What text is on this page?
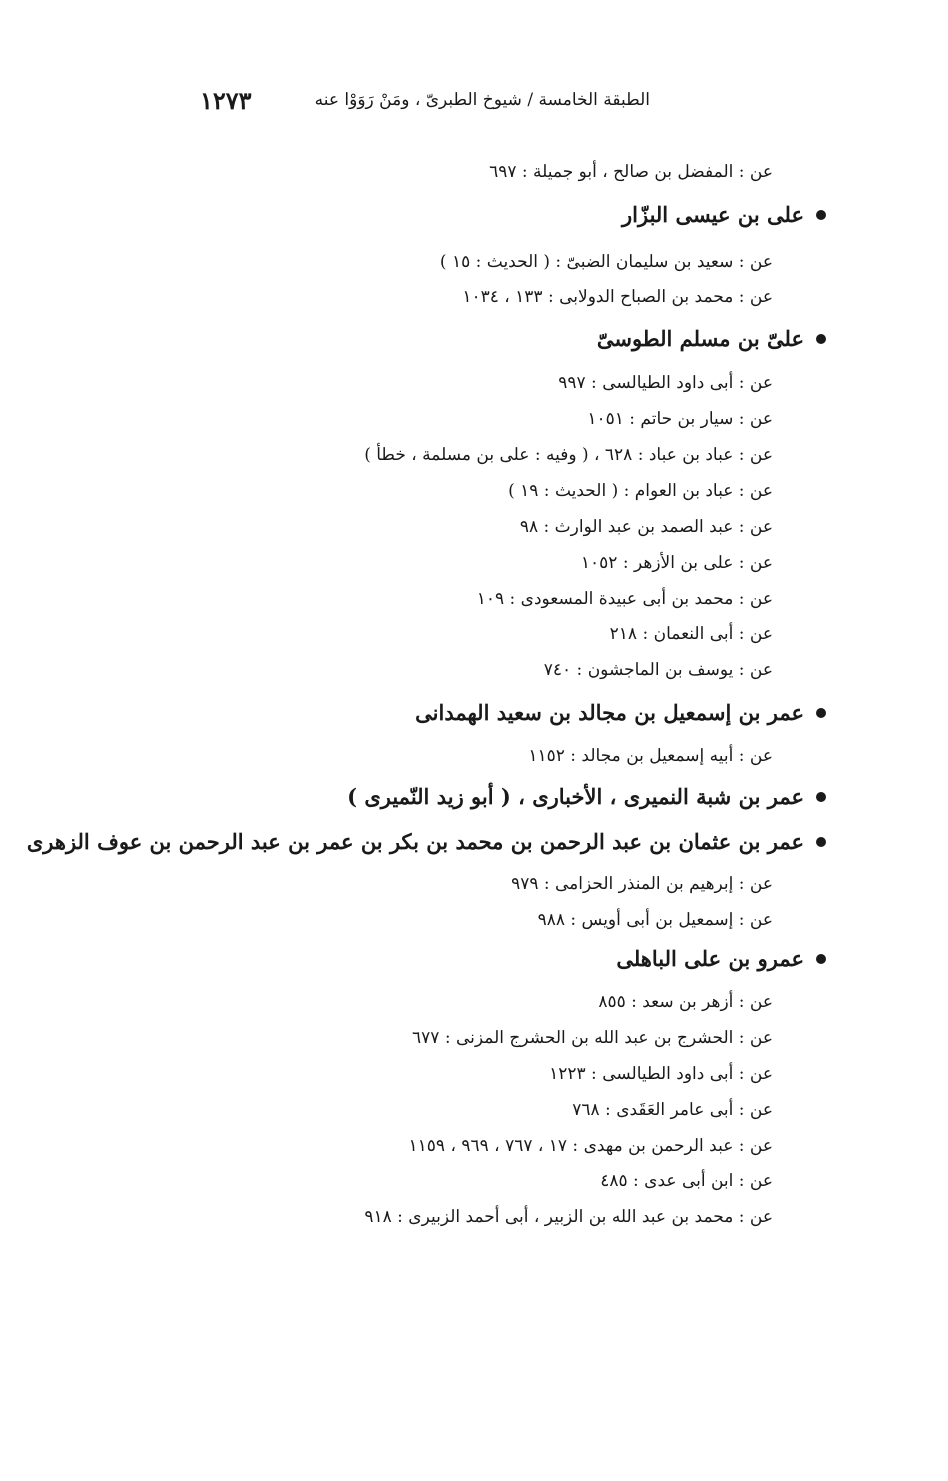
١٢٧٣	الطبقة الخامسة / شيوخ الطبرىّ ، ومَنْ رَوَوْا عنه
عن : المفضل بن صالح ، أبو جميلة : ٦٩٧
على بن عيسى البزّار
عن : سعيد بن سليمان الضبىّ : ( الحديث : ١٥ )
عن : محمد بن الصباح الدولابى : ١٣٣ ، ١٠٣٤
علىّ بن مسلم الطوسىّ
عن : أبى داود الطيالسى : ٩٩٧
عن : سيار بن حاتم : ١٠٥١
عن : عباد بن عباد : ٦٢٨ ، ( وفيه : على بن مسلمة ، خطأ )
عن : عباد بن العوام : ( الحديث : ١٩ )
عن : عبد الصمد بن عبد الوارث : ٩٨
عن : على بن الأزهر : ١٠٥٢
عن : محمد بن أبى عبيدة المسعودى : ١٠٩
عن : أبى النعمان : ٢١٨
عن : يوسف بن الماجشون : ٧٤٠
عمر بن إسمعيل بن مجالد بن سعيد الهمدانى
عن : أبيه إسمعيل بن مجالد : ١١٥٢
عمر بن شبة النميرى ، الأخبارى ، ( أبو زيد النّميرى )
عمر بن عثمان بن عبد الرحمن بن محمد بن بكر بن عمر بن عبد الرحمن بن عوف الزهرى
عن : إبرهيم بن المنذر الحزامى : ٩٧٩
عن : إسمعيل بن أبى أويس : ٩٨٨
عمرو بن على الباهلى
عن : أزهر بن سعد : ٨٥٥
عن : الحشرج بن عبد الله بن الحشرج المزنى : ٦٧٧
عن : أبى داود الطيالسى : ١٢٢٣
عن : أبى عامر العَقَدى : ٧٦٨
عن : عبد الرحمن بن مهدى : ١٧ ، ٧٦٧ ، ٩٦٩ ، ١١٥٩
عن : ابن أبى عدى : ٤٨٥
عن : محمد بن عبد الله بن الزبير ، أبى أحمد الزبيرى : ٩١٨
